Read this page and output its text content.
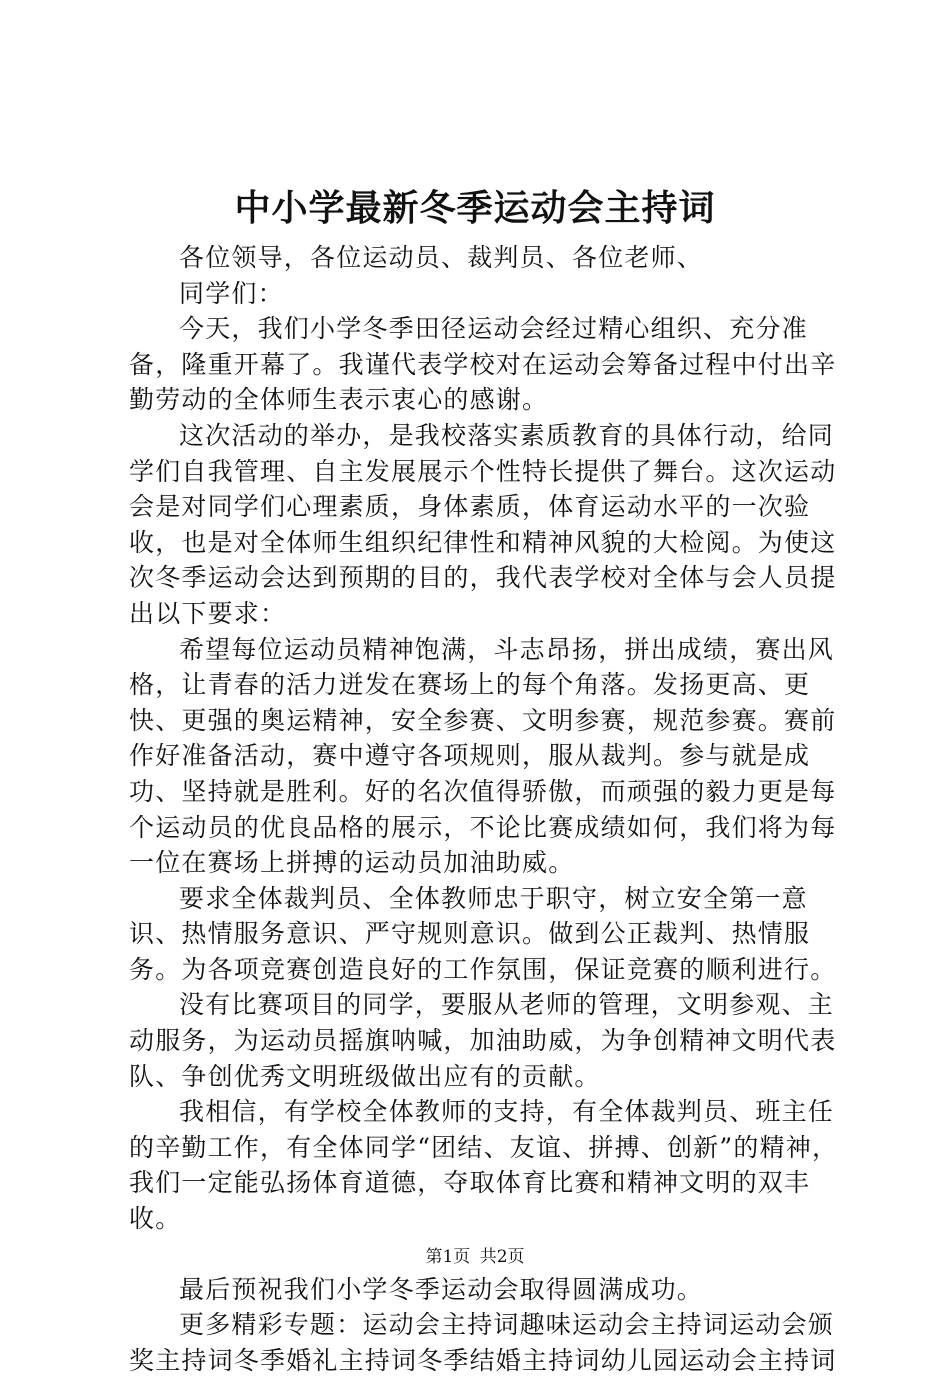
中小学最新冬季运动会主持词

各位领导，各位运动员、裁判员、各位老师、

同学们：

今天，我们小学冬季田径运动会经过精心组织、充分准备，隆重开幕了。我谨代表学校对在运动会筹备过程中付出辛勤劳动的全体师生表示衷心的感谢。

这次活动的举办，是我校落实素质教育的具体行动，给同学们自我管理、自主发展展示个性特长提供了舞台。这次运动会是对同学们心理素质，身体素质，体育运动水平的一次验收，也是对全体师生组织纪律性和精神风貌的大检阅。为使这次冬季运动会达到预期的目的，我代表学校对全体与会人员提出以下要求：

希望每位运动员精神饱满，斗志昂扬，拼出成绩，赛出风格，让青春的活力迸发在赛场上的每个角落。发扬更高、更快、更强的奥运精神，安全参赛、文明参赛，规范参赛。赛前作好准备活动，赛中遵守各项规则，服从裁判。参与就是成功、坚持就是胜利。好的名次值得骄傲，而顽强的毅力更是每个运动员的优良品格的展示，不论比赛成绩如何，我们将为每一位在赛场上拼搏的运动员加油助威。

要求全体裁判员、全体教师忠于职守，树立安全第一意识、热情服务意识、严守规则意识。做到公正裁判、热情服务。为各项竞赛创造良好的工作氛围，保证竞赛的顺利进行。

没有比赛项目的同学，要服从老师的管理，文明参观、主动服务，为运动员摇旗呐喊，加油助威，为争创精神文明代表队、争创优秀文明班级做出应有的贡献。

我相信，有学校全体教师的支持，有全体裁判员、班主任的辛勤工作，有全体同学“团结、友谊、拼搏、创新”的精神，我们一定能弘扬体育道德，夺取体育比赛和精神文明的双丰收。

最后预祝我们小学冬季运动会取得圆满成功。

更多精彩专题：运动会主持词趣味运动会主持词运动会颁奖主持词冬季婚礼主持词冬季结婚主持词幼儿园运动会主持词

第1页 共2页
